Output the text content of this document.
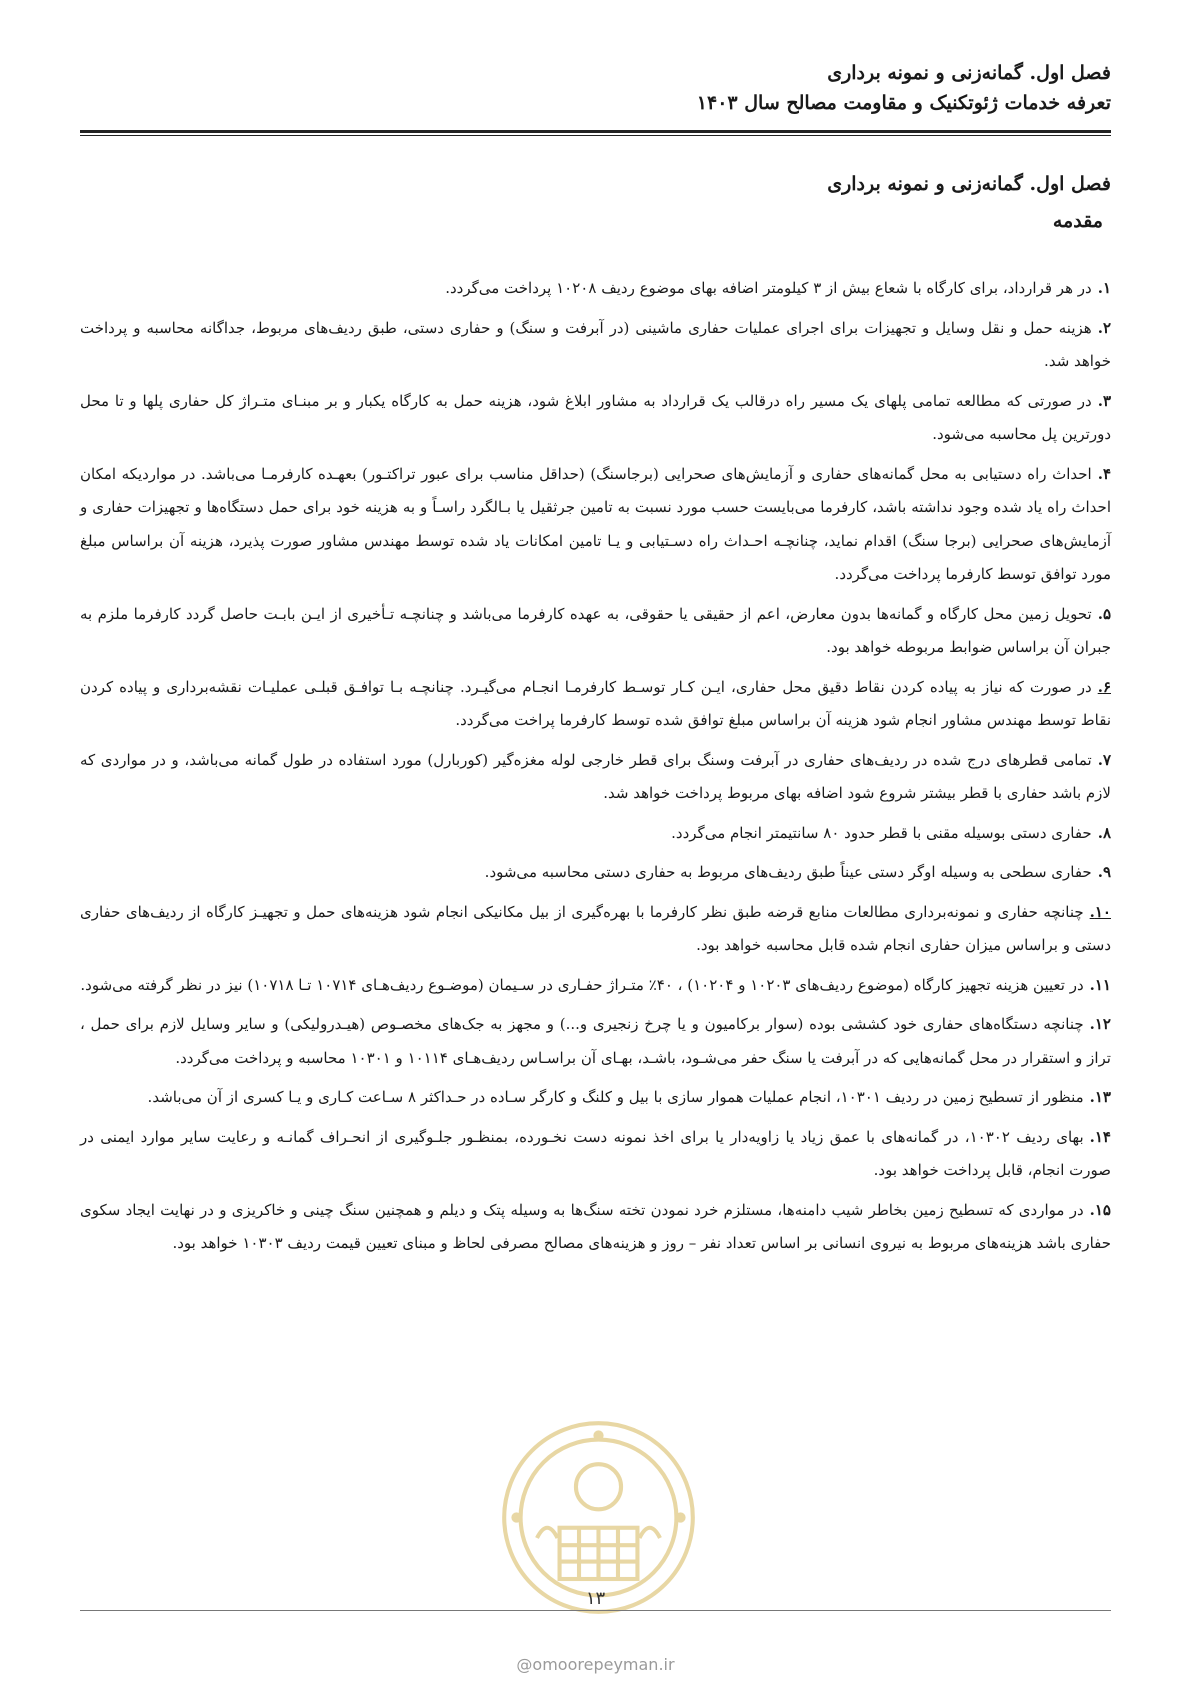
فصل اول. گمانه‌زنی و نمونه برداری
تعرفه خدمات ژئوتکنیک و مقاومت مصالح سال ۱۴۰۳
فصل اول. گمانه‌زنی و نمونه برداری
مقدمه

۱.در هر قرارداد، برای کارگاه با شعاع بیش از ۳ کیلومتر اضافه بهای موضوع ردیف ۱۰۲۰۸ پرداخت می‌گردد.

۲.هزینه حمل و نقل وسایل و تجهیزات برای اجرای عملیات حفاری ماشینی (در آبرفت و سنگ) و حفاری دستی، طبق ردیف‌های مربوط، جداگانه محاسبه و پرداخت خواهد شد.

۳.در صورتی که مطالعه تمامی پلهای یک مسیر راه درقالب یک قرارداد به مشاور ابلاغ شود، هزینه حمل به کارگاه یکبار و بر مبنـای متـراژ کل حفاری پلها و تا محل دورترین پل محاسبه می‌شود.

۴.احداث راه دستیابی به محل گمانه‌های حفاری و آزمایش‌های صحرایی (برجاسنگ) (حداقل مناسب برای عبور تراکتـور) بعهـده کارفرمـا می‌باشد. در مواردیکه امکان احداث راه یاد شده وجود نداشته باشد، کارفرما می‌بایست حسب مورد نسبت به تامین جرثقیل یا بـالگرد راسـاً و به هزینه خود برای حمل دستگاه‌ها و تجهیزات حفاری و آزمایش‌های صحرایی (برجا سنگ) اقدام نماید، چنانچـه احـداث راه دسـتیابی و یـا تامین امکانات یاد شده توسط مهندس مشاور صورت پذیرد، هزینه آن براساس مبلغ مورد توافق توسط کارفرما پرداخت می‌گردد.

۵.تحویل زمین محل کارگاه و گمانه‌ها بدون معارض، اعم از حقیقی یا حقوقی، به عهده کارفرما می‌باشد و چنانچـه تـأخیری از ایـن بابـت حاصل گردد کارفرما ملزم به جبران آن براساس ضوابط مربوطه خواهد بود.

۶.در صورت که نیاز به پیاده کردن نقاط دقیق محل حفاری، ایـن کـار توسـط کارفرمـا انجـام می‌گیـرد. چنانچـه بـا توافـق قبلـی عملیـات نقشه‌برداری و پیاده کردن نقاط توسط مهندس مشاور انجام شود هزینه آن براساس مبلغ توافق شده توسط کارفرما پراخت می‌گردد.

۷.تمامی قطرهای درج شده در ردیف‌های حفاری در آبرفت وسنگ برای قطر خارجی لوله مغزه‌گیر (کوربارل) مورد استفاده در طول گمانه می‌باشد، و در مواردی که لازم باشد حفاری با قطر بیشتر شروع شود اضافه بهای مربوط پرداخت خواهد شد.

۸.حفاری دستی بوسیله مقنی با قطر حدود ۸۰ سانتیمتر انجام می‌گردد.

۹.حفاری سطحی به وسیله اوگر دستی عیناً طبق ردیف‌های مربوط به حفاری دستی محاسبه می‌شود.

۱۰.چنانچه حفاری و نمونه‌برداری مطالعات منابع قرضه طبق نظر کارفرما با بهره‌گیری از بیل مکانیکی انجام شود هزینه‌های حمل و تجهیـز کارگاه از ردیف‌های حفاری دستی و براساس میزان حفاری انجام شده قابل محاسبه خواهد بود.

۱۱.در تعیین هزینه تجهیز کارگاه (موضوع ردیف‌های ۱۰۲۰۳ و ۱۰۲۰۴) ، ۴۰٪ متـراژ حفـاری در سـیمان (موضـوع ردیف‌هـای ۱۰۷۱۴ تـا ۱۰۷۱۸) نیز در نظر گرفته می‌شود.

۱۲.چنانچه دستگاه‌های حفاری خود کششی بوده (سوار برکامیون و یا چرخ زنجیری و...) و مجهز به جک‌های مخصـوص (هیـدرولیکی) و سایر وسایل لازم برای حمل ، تراز و استقرار در محل گمانه‌هایی که در آبرفت یا سنگ حفر می‌شـود، باشـد، بهـای آن براسـاس ردیف‌هـای ۱۰۱۱۴ و ۱۰۳۰۱ محاسبه و پرداخت می‌گردد.

۱۳.منظور از تسطیح زمین در ردیف ۱۰۳۰۱، انجام عملیات هموار سازی با بیل و کلنگ و کارگر سـاده در حـداکثر ۸ سـاعت کـاری و یـا کسری از آن می‌باشد.

۱۴.بهای ردیف ۱۰۳۰۲، در گمانه‌های با عمق زیاد یا زاویه‌دار یا برای اخذ نمونه دست نخـورده، بمنظـور جلـوگیری از انحـراف گمانـه و رعایت سایر موارد ایمنی در صورت انجام، قابل پرداخت خواهد بود.

۱۵.در مواردی که تسطیح زمین بخاطر شیب دامنه‌ها، مستلزم خرد نمودن تخته سنگ‌ها به وسیله پتک و دیلم و همچنین سنگ چینی و خاکریزی و در نهایت ایجاد سکوی حفاری باشد هزینه‌های مربوط به نیروی انسانی بر اساس تعداد نفر – روز و هزینه‌های مصالح مصرفی لحاظ و مبنای تعیین قیمت ردیف ۱۰۳۰۳ خواهد بود.

۱۳
@omoorepeyman.ir
